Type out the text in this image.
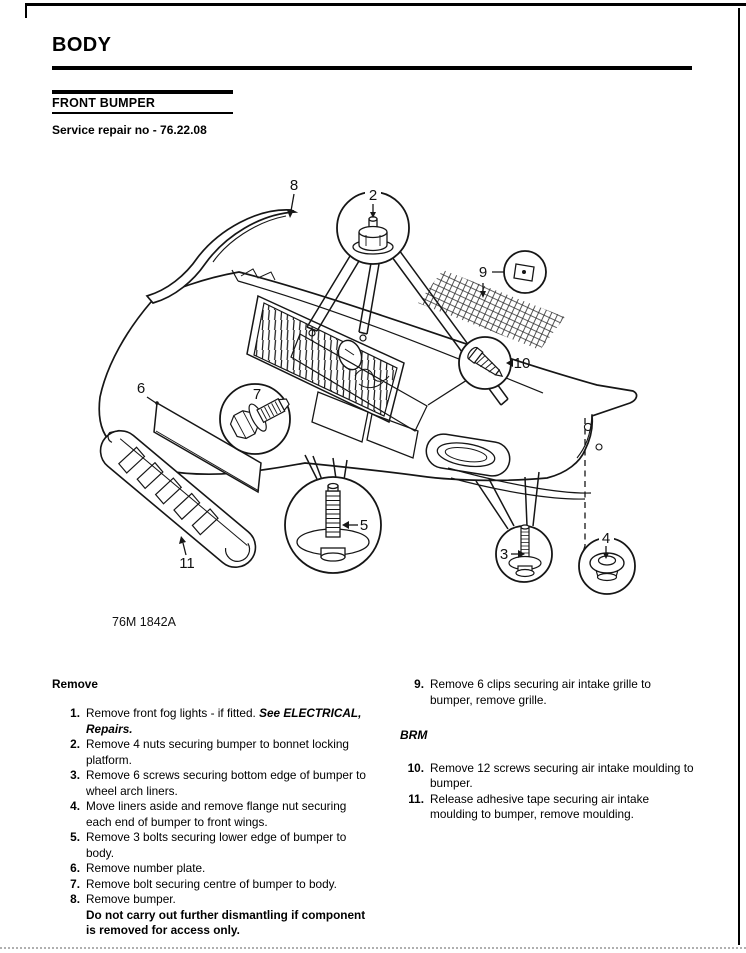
BODY
FRONT BUMPER
Service repair no - 76.22.08
8
2
9
10
6	7
5
11
3
4
76M 1842A
Remove
1. Remove front fog lights - if fitted. See ELECTRICAL, Repairs.
2. Remove 4 nuts securing bumper to bonnet locking platform.
3. Remove 6 screws securing bottom edge of bumper to wheel arch liners.
4. Move liners aside and remove flange nut securing each end of bumper to front wings.
5. Remove 3 bolts securing lower edge of bumper to body.
6. Remove number plate.
7. Remove bolt securing centre of bumper to body.
8. Remove bumper.
Do not carry out further dismantling if component is removed for access only.
9. Remove 6 clips securing air intake grille to bumper, remove grille.
BRM
10. Remove 12 screws securing air intake moulding to bumper.
11. Release adhesive tape securing air intake moulding to bumper, remove moulding.
